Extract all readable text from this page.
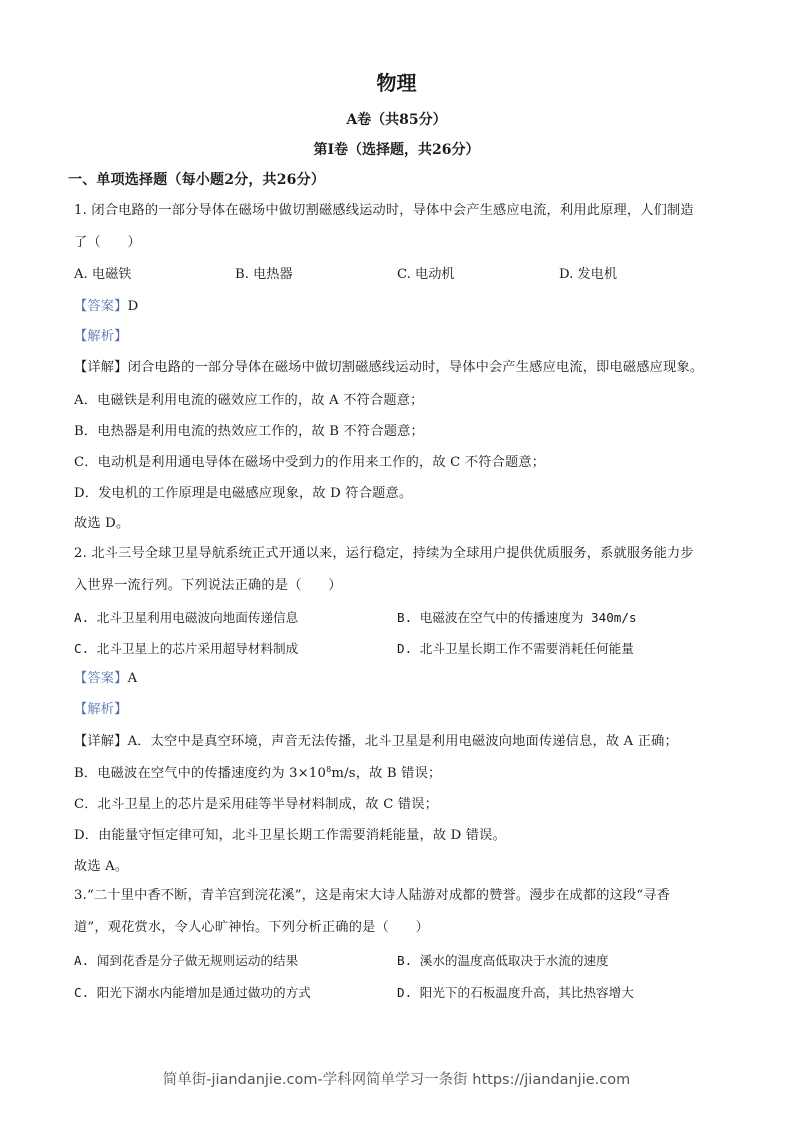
物理
A卷（共85分）
第Ⅰ卷（选择题，共26分）
一、单项选择题（每小题2分，共26分）
1. 闭合电路的一部分导体在磁场中做切割磁感线运动时，导体中会产生感应电流，利用此原理，人们制造
了（　　）
A. 电磁铁	B. 电热器	C. 电动机	D. 发电机
【答案】D
【解析】
【详解】闭合电路的一部分导体在磁场中做切割磁感线运动时，导体中会产生感应电流，即电磁感应现象。
A．电磁铁是利用电流的磁效应工作的，故 A 不符合题意；
B．电热器是利用电流的热效应工作的，故 B 不符合题意；
C．电动机是利用通电导体在磁场中受到力的作用来工作的，故 C 不符合题意；
D．发电机的工作原理是电磁感应现象，故 D 符合题意。
故选 D。
2. 北斗三号全球卫星导航系统正式开通以来，运行稳定，持续为全球用户提供优质服务，系就服务能力步
入世界一流行列。下列说法正确的是（　　）
A. 北斗卫星利用电磁波向地面传递信息	B. 电磁波在空气中的传播速度为 340m/s
C. 北斗卫星上的芯片采用超导材料制成	D. 北斗卫星长期工作不需要消耗任何能量
【答案】A
【解析】
【详解】A．太空中是真空环境，声音无法传播，北斗卫星是利用电磁波向地面传递信息，故 A 正确；
B．电磁波在空气中的传播速度约为 $3\times 10^8m/s$，故 B 错误；
C．北斗卫星上的芯片是采用硅等半导材料制成，故 C 错误；
D．由能量守恒定律可知，北斗卫星长期工作需要消耗能量，故 D 错误。
故选 A。
3.“二十里中香不断，青羊宫到浣花溪”，这是南宋大诗人陆游对成都的赞誉。漫步在成都的这段“寻香
道”，观花赏水，令人心旷神怡。下列分析正确的是（　　）
A. 闻到花香是分子做无规则运动的结果	B. 溪水的温度高低取决于水流的速度
C. 阳光下湖水内能增加是通过做功的方式	D. 阳光下的石板温度升高，其比热容增大
简单街-jiandanjie.com-学科网简单学习一条街 https://jiandanjie.com
